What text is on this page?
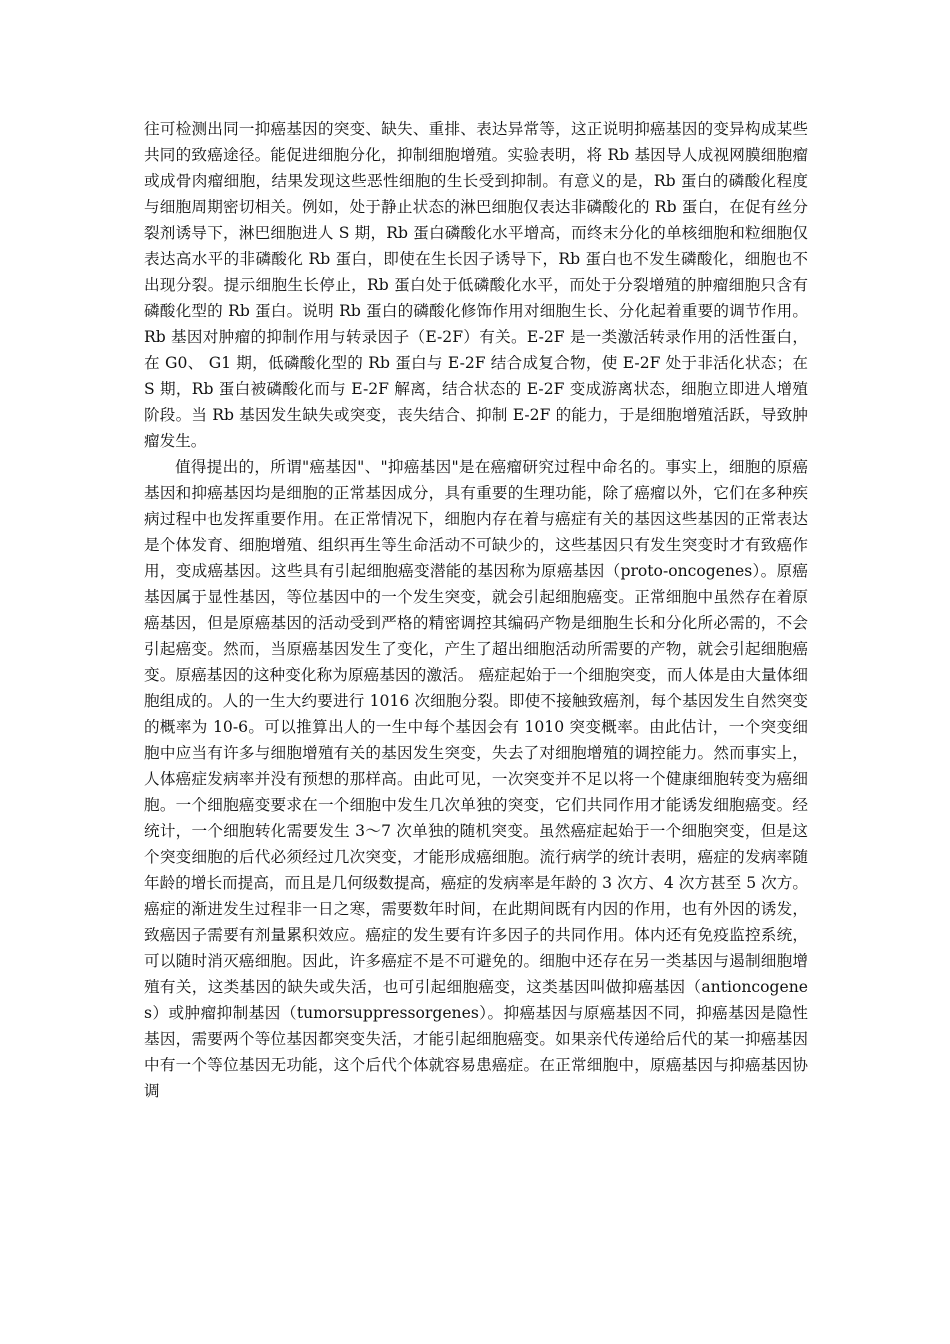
往可检测出同一抑癌基因的突变、缺失、重排、表达异常等，这正说明抑癌基因的变异构成某些共同的致癌途径。能促进细胞分化，抑制细胞增殖。实验表明，将 Rb 基因导人成视网膜细胞瘤或成骨肉瘤细胞，结果发现这些恶性细胞的生长受到抑制。有意义的是，Rb 蛋白的磷酸化程度与细胞周期密切相关。例如，处于静止状态的淋巴细胞仅表达非磷酸化的 Rb 蛋白，在促有丝分裂剂诱导下，淋巴细胞进人 S 期，Rb 蛋白磷酸化水平增高，而终末分化的单核细胞和粒细胞仅表达高水平的非磷酸化 Rb 蛋白，即使在生长因子诱导下，Rb 蛋白也不发生磷酸化，细胞也不出现分裂。提示细胞生长停止，Rb 蛋白处于低磷酸化水平，而处于分裂增殖的肿瘤细胞只含有磷酸化型的 Rb 蛋白。说明 Rb 蛋白的磷酸化修饰作用对细胞生长、分化起着重要的调节作用。 Rb 基因对肿瘤的抑制作用与转录因子（E-2F）有关。E-2F 是一类激活转录作用的活性蛋白，在 G0、 G1 期，低磷酸化型的 Rb 蛋白与 E-2F 结合成复合物，使 E-2F 处于非活化状态；在 S 期，Rb 蛋白被磷酸化而与 E-2F 解离，结合状态的 E-2F 变成游离状态，细胞立即进人增殖阶段。当 Rb 基因发生缺失或突变，丧失结合、抑制 E-2F 的能力，于是细胞增殖活跃，导致肿瘤发生。

值得提出的，所谓"癌基因"、"抑癌基因"是在癌瘤研究过程中命名的。事实上，细胞的原癌基因和抑癌基因均是细胞的正常基因成分，具有重要的生理功能，除了癌瘤以外，它们在多种疾病过程中也发挥重要作用。在正常情况下，细胞内存在着与癌症有关的基因这些基因的正常表达是个体发育、细胞增殖、组织再生等生命活动不可缺少的，这些基因只有发生突变时才有致癌作用，变成癌基因。这些具有引起细胞癌变潜能的基因称为原癌基因（proto-oncogenes）。原癌基因属于显性基因，等位基因中的一个发生突变，就会引起细胞癌变。正常细胞中虽然存在着原癌基因，但是原癌基因的活动受到严格的精密调控其编码产物是细胞生长和分化所必需的，不会引起癌变。然而，当原癌基因发生了变化，产生了超出细胞活动所需要的产物，就会引起细胞癌变。原癌基因的这种变化称为原癌基因的激活。 癌症起始于一个细胞突变，而人体是由大量体细胞组成的。人的一生大约要进行 1016 次细胞分裂。即使不接触致癌剂，每个基因发生自然突变的概率为 10-6。可以推算出人的一生中每个基因会有 1010 突变概率。由此估计，一个突变细胞中应当有许多与细胞增殖有关的基因发生突变，失去了对细胞增殖的调控能力。然而事实上，人体癌症发病率并没有预想的那样高。由此可见，一次突变并不足以将一个健康细胞转变为癌细胞。一个细胞癌变要求在一个细胞中发生几次单独的突变，它们共同作用才能诱发细胞癌变。经统计，一个细胞转化需要发生 3～7 次单独的随机突变。虽然癌症起始于一个细胞突变，但是这个突变细胞的后代必须经过几次突变，才能形成癌细胞。流行病学的统计表明，癌症的发病率随年龄的增长而提高，而且是几何级数提高，癌症的发病率是年龄的 3 次方、4 次方甚至 5 次方。癌症的渐进发生过程非一日之寒，需要数年时间，在此期间既有内因的作用，也有外因的诱发，致癌因子需要有剂量累积效应。癌症的发生要有许多因子的共同作用。体内还有免疫监控系统，可以随时消灭癌细胞。因此，许多癌症不是不可避免的。细胞中还存在另一类基因与遏制细胞增殖有关，这类基因的缺失或失活，也可引起细胞癌变，这类基因叫做抑癌基因（antioncogenes）或肿瘤抑制基因（tumorsuppressorgenes）。抑癌基因与原癌基因不同，抑癌基因是隐性基因，需要两个等位基因都突变失活，才能引起细胞癌变。如果亲代传递给后代的某一抑癌基因中有一个等位基因无功能，这个后代个体就容易患癌症。在正常细胞中，原癌基因与抑癌基因协调
